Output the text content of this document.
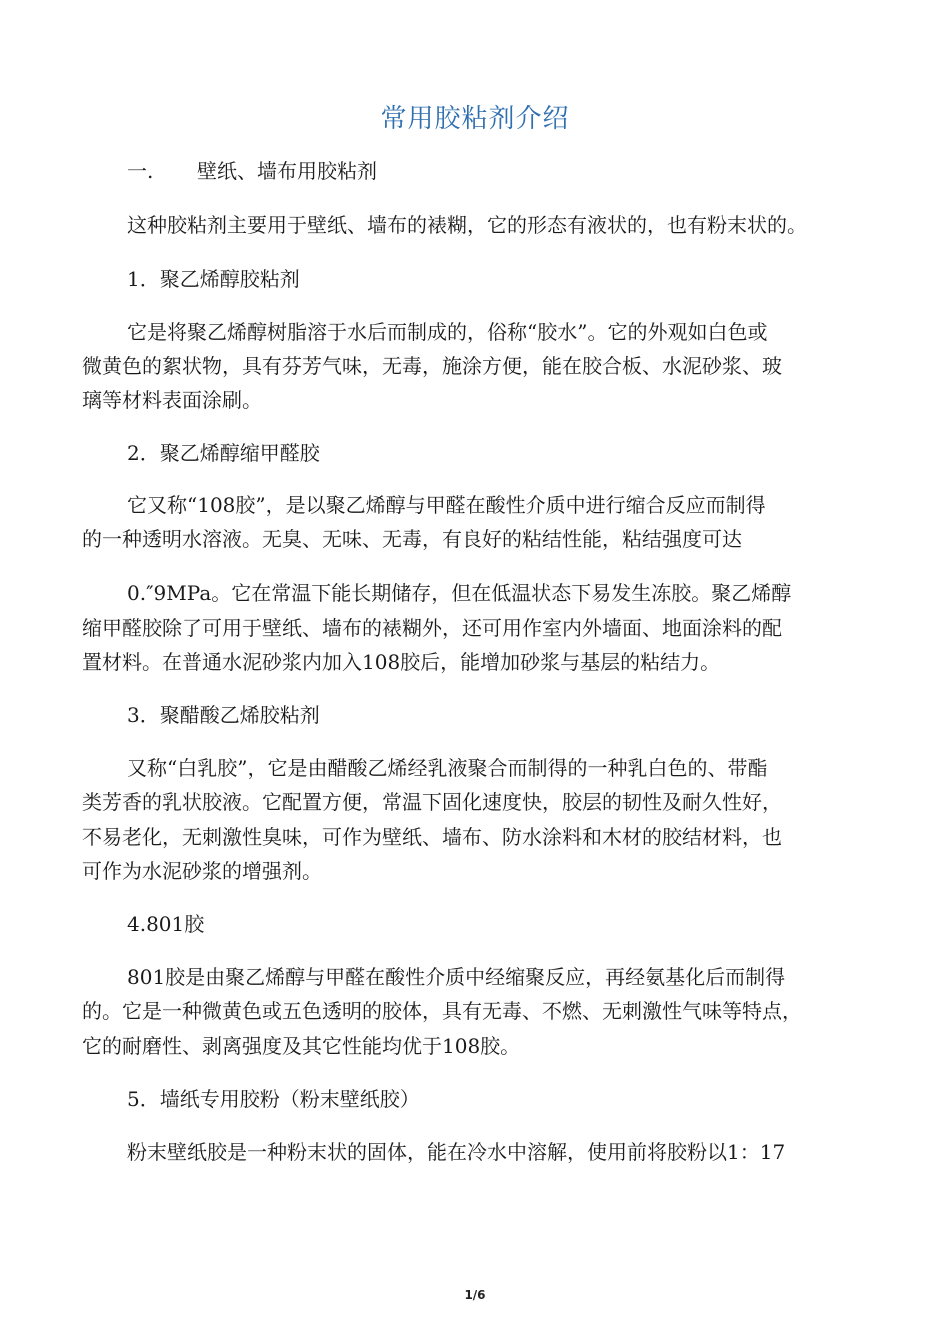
常用胶粘剂介绍
一. 壁纸、墙布用胶粘剂
这种胶粘剂主要用于壁纸、墙布的裱糊，它的形态有液状的，也有粉末状的。
1．聚乙烯醇胶粘剂
它是将聚乙烯醇树脂溶于水后而制成的，俗称“胶水”。它的外观如白色或
微黄色的絮状物，具有芬芳气味，无毒，施涂方便，能在胶合板、水泥砂浆、玻
璃等材料表面涂刷。
2．聚乙烯醇缩甲醛胶
它又称“108胶”，是以聚乙烯醇与甲醛在酸性介质中进行缩合反应而制得
的一种透明水溶液。无臭、无味、无毒，有良好的粘结性能，粘结强度可达
0.″9MPa。它在常温下能长期储存，但在低温状态下易发生冻胶。聚乙烯醇
缩甲醛胶除了可用于壁纸、墙布的裱糊外，还可用作室内外墙面、地面涂料的配
置材料。在普通水泥砂浆内加入108胶后，能增加砂浆与基层的粘结力。
3．聚醋酸乙烯胶粘剂
又称“白乳胶”，它是由醋酸乙烯经乳液聚合而制得的一种乳白色的、带酯
类芳香的乳状胶液。它配置方便，常温下固化速度快，胶层的韧性及耐久性好，
不易老化，无刺激性臭味，可作为壁纸、墙布、防水涂料和木材的胶结材料，也
可作为水泥砂浆的增强剂。
4.801胶
801胶是由聚乙烯醇与甲醛在酸性介质中经缩聚反应，再经氨基化后而制得
的。它是一种微黄色或五色透明的胶体，具有无毒、不燃、无刺激性气味等特点，
它的耐磨性、剥离强度及其它性能均优于108胶。
5．墙纸专用胶粉（粉末壁纸胶）
粉末壁纸胶是一种粉末状的固体，能在冷水中溶解，使用前将胶粉以1：17
1/6
